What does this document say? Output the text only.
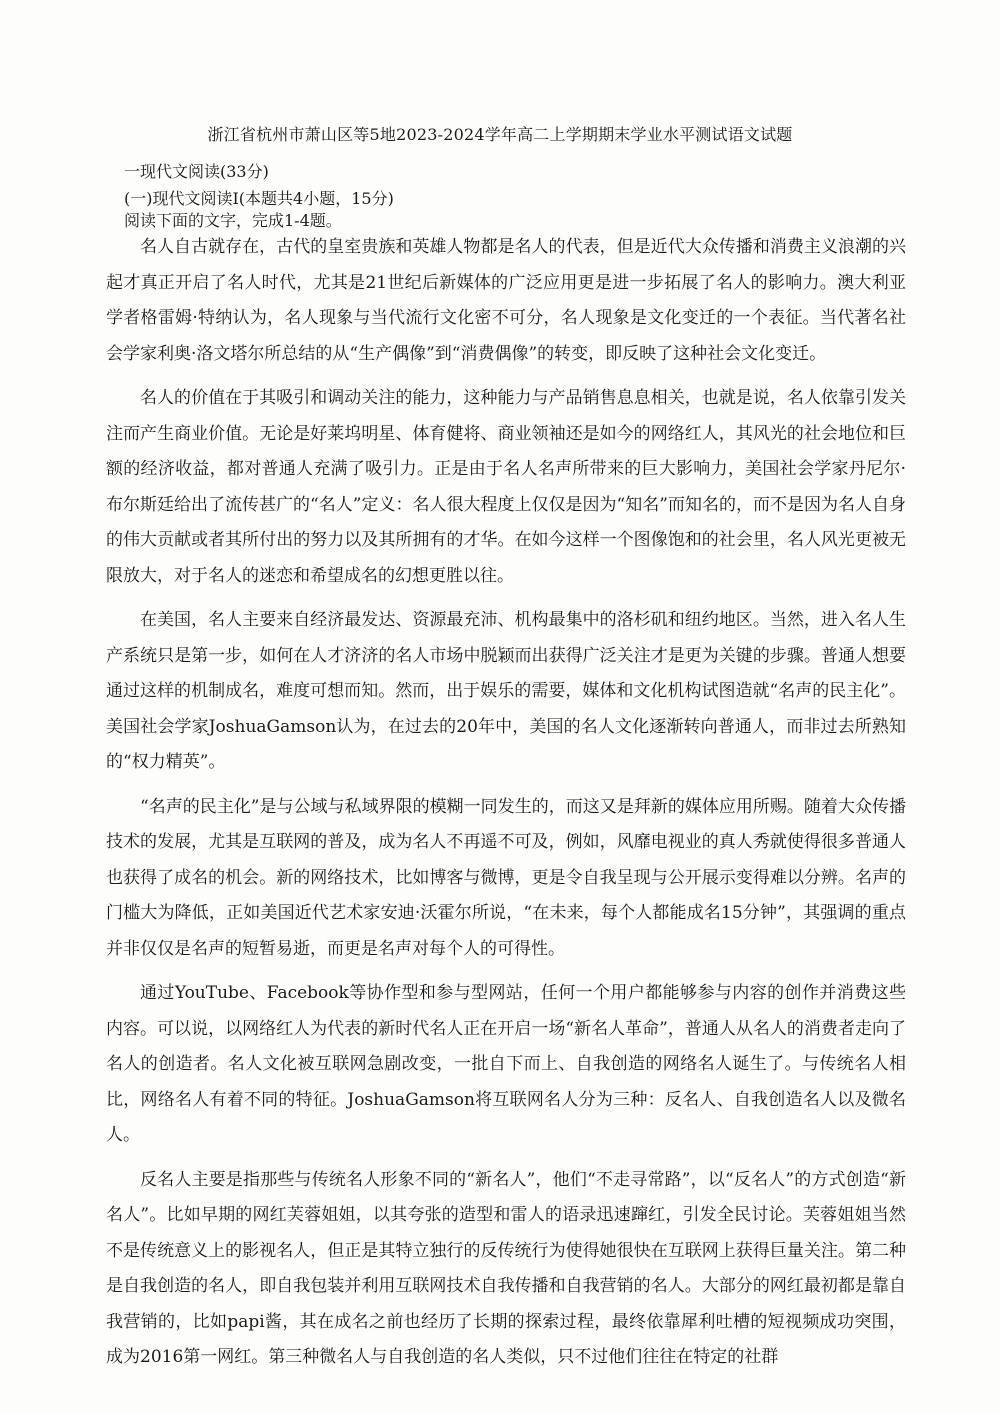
浙江省杭州市萧山区等5地2023-2024学年高二上学期期末学业水平测试语文试题
一现代文阅读(33分)
(一)现代文阅读Ⅰ(本题共4小题，15分)
阅读下面的文字，完成1-4题。

名人自古就存在，古代的皇室贵族和英雄人物都是名人的代表，但是近代大众传播和消费主义浪潮的兴起才真正开启了名人时代，尤其是21世纪后新媒体的广泛应用更是进一步拓展了名人的影响力。澳大利亚学者格雷姆·特纳认为，名人现象与当代流行文化密不可分，名人现象是文化变迁的一个表征。当代著名社会学家利奥·洛文塔尔所总结的从“生产偶像”到“消费偶像”的转变，即反映了这种社会文化变迁。

名人的价值在于其吸引和调动关注的能力，这种能力与产品销售息息相关，也就是说，名人依靠引发关注而产生商业价值。无论是好莱坞明星、体育健将、商业领袖还是如今的网络红人，其风光的社会地位和巨额的经济收益，都对普通人充满了吸引力。正是由于名人名声所带来的巨大影响力，美国社会学家丹尼尔·布尔斯廷给出了流传甚广的“名人”定义：名人很大程度上仅仅是因为“知名”而知名的，而不是因为名人自身的伟大贡献或者其所付出的努力以及其所拥有的才华。在如今这样一个图像饱和的社会里，名人风光更被无限放大，对于名人的迷恋和希望成名的幻想更胜以往。

在美国，名人主要来自经济最发达、资源最充沛、机构最集中的洛杉矶和纽约地区。当然，进入名人生产系统只是第一步，如何在人才济济的名人市场中脱颖而出获得广泛关注才是更为关键的步骤。普通人想要通过这样的机制成名，难度可想而知。然而，出于娱乐的需要，媒体和文化机构试图造就“名声的民主化”。美国社会学家JoshuaGamson认为，在过去的20年中，美国的名人文化逐渐转向普通人，而非过去所熟知的“权力精英”。

“名声的民主化”是与公域与私域界限的模糊一同发生的，而这又是拜新的媒体应用所赐。随着大众传播技术的发展，尤其是互联网的普及，成为名人不再遥不可及，例如，风靡电视业的真人秀就使得很多普通人也获得了成名的机会。新的网络技术，比如博客与微博，更是令自我呈现与公开展示变得难以分辨。名声的门槛大为降低，正如美国近代艺术家安迪·沃霍尔所说，“在未来，每个人都能成名15分钟”，其强调的重点并非仅仅是名声的短暂易逝，而更是名声对每个人的可得性。

通过YouTube、Facebook等协作型和参与型网站，任何一个用户都能够参与内容的创作并消费这些内容。可以说，以网络红人为代表的新时代名人正在开启一场“新名人革命”，普通人从名人的消费者走向了名人的创造者。名人文化被互联网急剧改变，一批自下而上、自我创造的网络名人诞生了。与传统名人相比，网络名人有着不同的特征。JoshuaGamson将互联网名人分为三种：反名人、自我创造名人以及微名人。

反名人主要是指那些与传统名人形象不同的“新名人”，他们“不走寻常路”，以“反名人”的方式创造“新名人”。比如早期的网红芙蓉姐姐，以其夸张的造型和雷人的语录迅速蹿红，引发全民讨论。芙蓉姐姐当然不是传统意义上的影视名人，但正是其特立独行的反传统行为使得她很快在互联网上获得巨量关注。第二种是自我创造的名人，即自我包装并利用互联网技术自我传播和自我营销的名人。大部分的网红最初都是靠自我营销的，比如papi酱，其在成名之前也经历了长期的探索过程，最终依靠犀利吐槽的短视频成功突围，成为2016第一网红。第三种微名人与自我创造的名人类似，只不过他们往往在特定的社群
